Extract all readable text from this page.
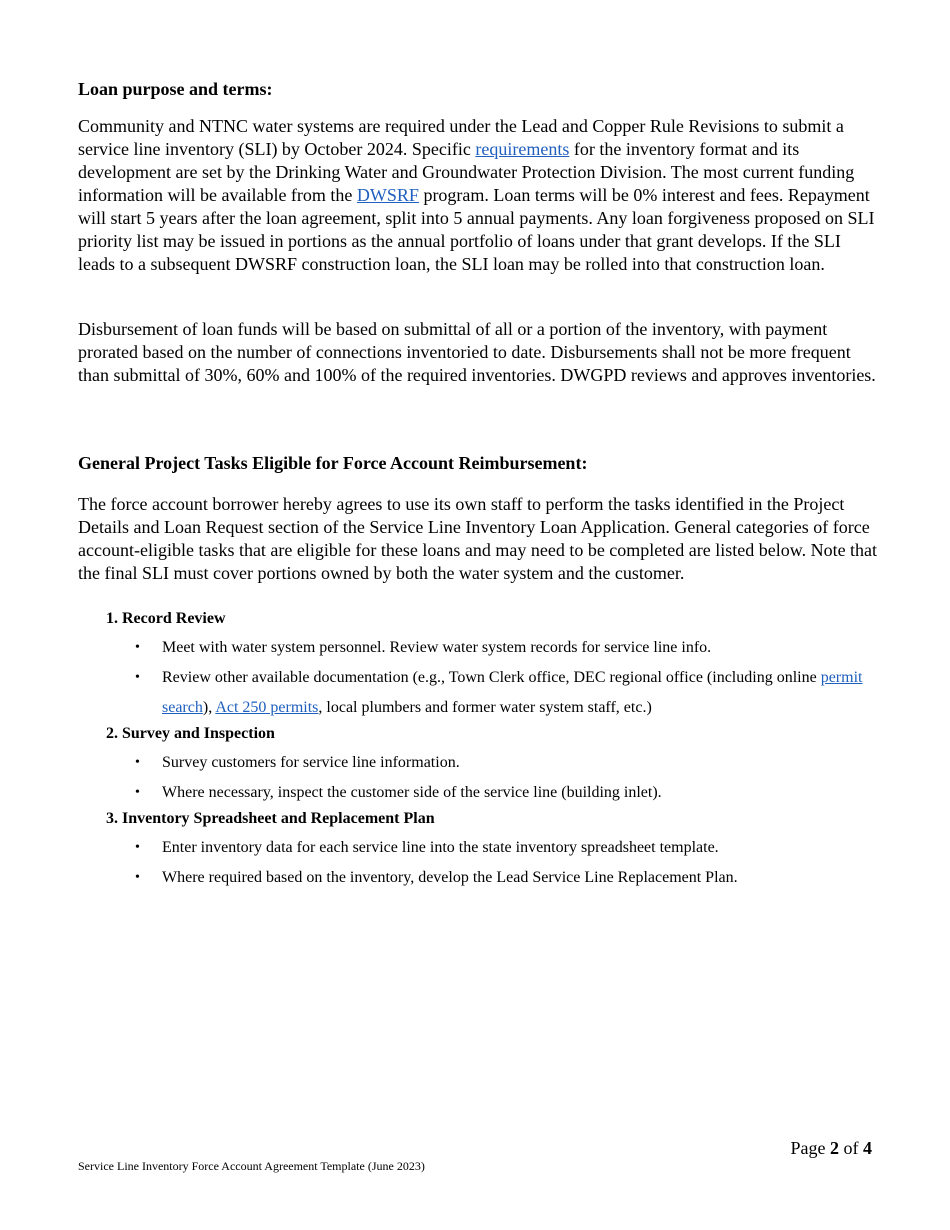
Loan purpose and terms:

Community and NTNC water systems are required under the Lead and Copper Rule Revisions to submit a service line inventory (SLI) by October 2024. Specific requirements for the inventory format and its development are set by the Drinking Water and Groundwater Protection Division. The most current funding information will be available from the DWSRF program. Loan terms will be 0% interest and fees. Repayment will start 5 years after the loan agreement, split into 5 annual payments. Any loan forgiveness proposed on SLI priority list may be issued in portions as the annual portfolio of loans under that grant develops. If the SLI leads to a subsequent DWSRF construction loan, the SLI loan may be rolled into that construction loan.

Disbursement of loan funds will be based on submittal of all or a portion of the inventory, with payment prorated based on the number of connections inventoried to date. Disbursements shall not be more frequent than submittal of 30%, 60% and 100% of the required inventories. DWGPD reviews and approves inventories.

General Project Tasks Eligible for Force Account Reimbursement:

The force account borrower hereby agrees to use its own staff to perform the tasks identified in the Project Details and Loan Request section of the Service Line Inventory Loan Application. General categories of force account-eligible tasks that are eligible for these loans and may need to be completed are listed below. Note that the final SLI must cover portions owned by both the water system and the customer.

1. Record Review
• Meet with water system personnel. Review water system records for service line info.
• Review other available documentation (e.g., Town Clerk office, DEC regional office (including online permit search), Act 250 permits, local plumbers and former water system staff, etc.)
2. Survey and Inspection
• Survey customers for service line information.
• Where necessary, inspect the customer side of the service line (building inlet).
3. Inventory Spreadsheet and Replacement Plan
• Enter inventory data for each service line into the state inventory spreadsheet template.
• Where required based on the inventory, develop the Lead Service Line Replacement Plan.
Page 2 of 4
Service Line Inventory Force Account Agreement Template (June 2023)
